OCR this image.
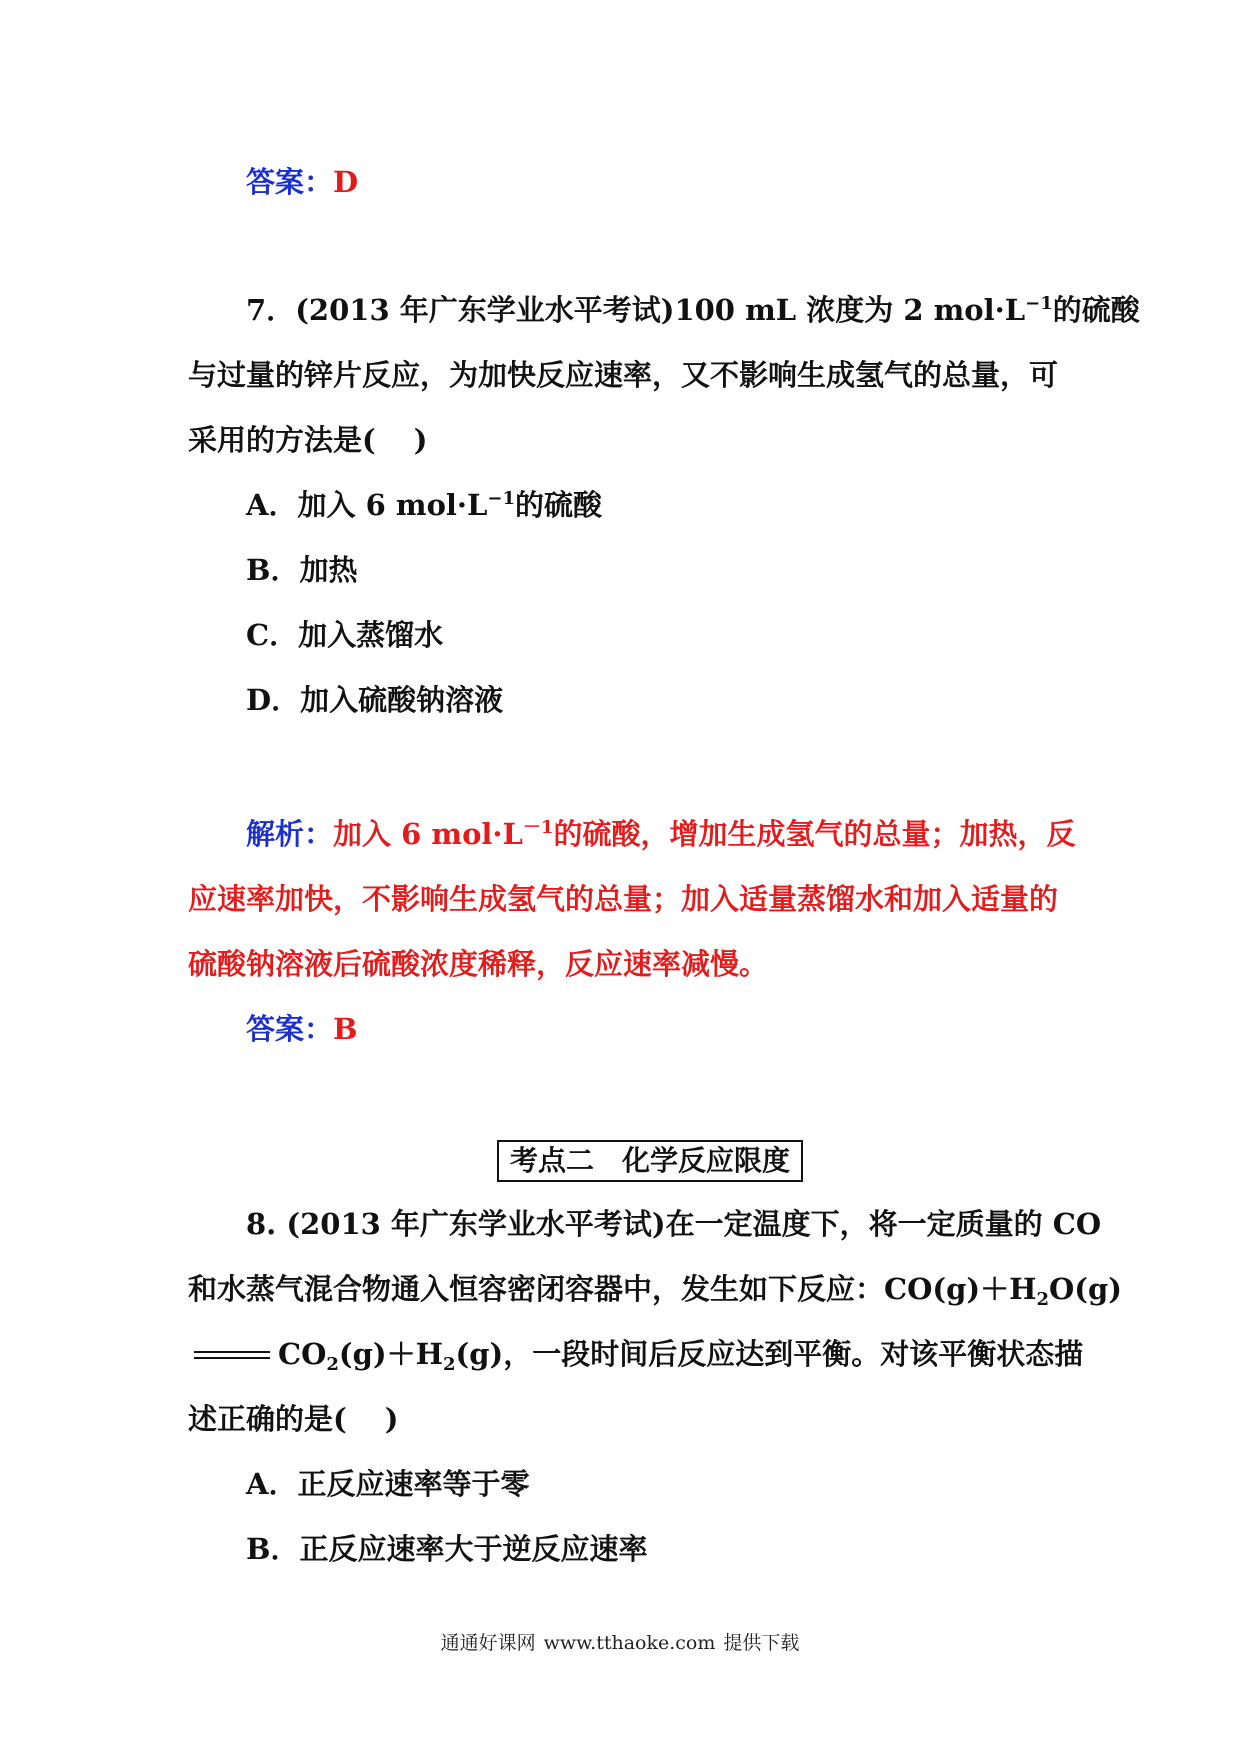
答案：D
7．(2013 年广东学业水平考试)100 mL 浓度为 2 $mol\cdot L^{-1}$的硫酸
与过量的锌片反应，为加快反应速率，又不影响生成氢气的总量，可
采用的方法是( )
A．加入 6 $mol\cdot L^{-1}$的硫酸
B．加热
C．加入蒸馏水
D．加入硫酸钠溶液
解析：加入 6 $mol\cdot L^{-1}$的硫酸，增加生成氢气的总量；加热，反
应速率加快，不影响生成氢气的总量；加入适量蒸馏水和加入适量的
硫酸钠溶液后硫酸浓度稀释，反应速率减慢。
答案：B
考点二　化学反应限度
8. (2013 年广东学业水平考试)在一定温度下，将一定质量的 CO
和水蒸气混合物通入恒容密闭容器中，发生如下反应：$CO(g)+H_2O(g)$
$CO_2(g)+H_2(g)$，一段时间后反应达到平衡。对该平衡状态描
述正确的是( )
A．正反应速率等于零
B．正反应速率大于逆反应速率
通通好课网 www.tthaoke.com 提供下载
